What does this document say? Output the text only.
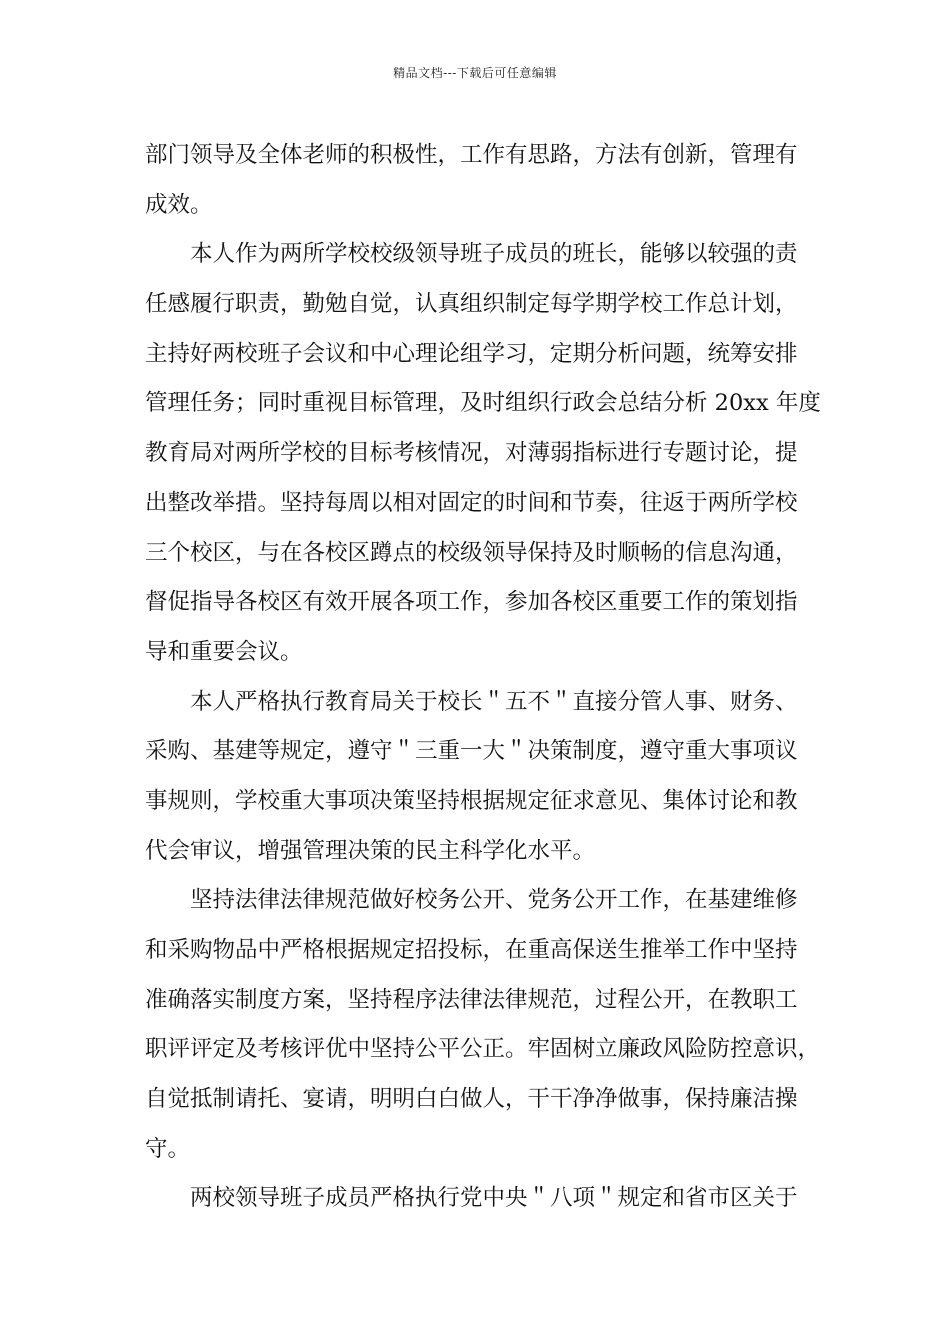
精品文档---下载后可任意编辑
部门领导及全体老师的积极性，工作有思路，方法有创新，管理有
成效。
本人作为两所学校校级领导班子成员的班长，能够以较强的责
任感履行职责，勤勉自觉，认真组织制定每学期学校工作总计划，
主持好两校班子会议和中心理论组学习，定期分析问题，统筹安排
管理任务；同时重视目标管理，及时组织行政会总结分析 20xx 年度
教育局对两所学校的目标考核情况，对薄弱指标进行专题讨论，提
出整改举措。坚持每周以相对固定的时间和节奏，往返于两所学校
三个校区，与在各校区蹲点的校级领导保持及时顺畅的信息沟通，
督促指导各校区有效开展各项工作，参加各校区重要工作的策划指
导和重要会议。
本人严格执行教育局关于校长＂五不＂直接分管人事、财务、
采购、基建等规定，遵守＂三重一大＂决策制度，遵守重大事项议
事规则，学校重大事项决策坚持根据规定征求意见、集体讨论和教
代会审议，增强管理决策的民主科学化水平。
坚持法律法律规范做好校务公开、党务公开工作，在基建维修
和采购物品中严格根据规定招投标，在重高保送生推举工作中坚持
准确落实制度方案，坚持程序法律法律规范，过程公开，在教职工
职评评定及考核评优中坚持公平公正。牢固树立廉政风险防控意识，
自觉抵制请托、宴请，明明白白做人，干干净净做事，保持廉洁操
守。
两校领导班子成员严格执行党中央＂八项＂规定和省市区关于
